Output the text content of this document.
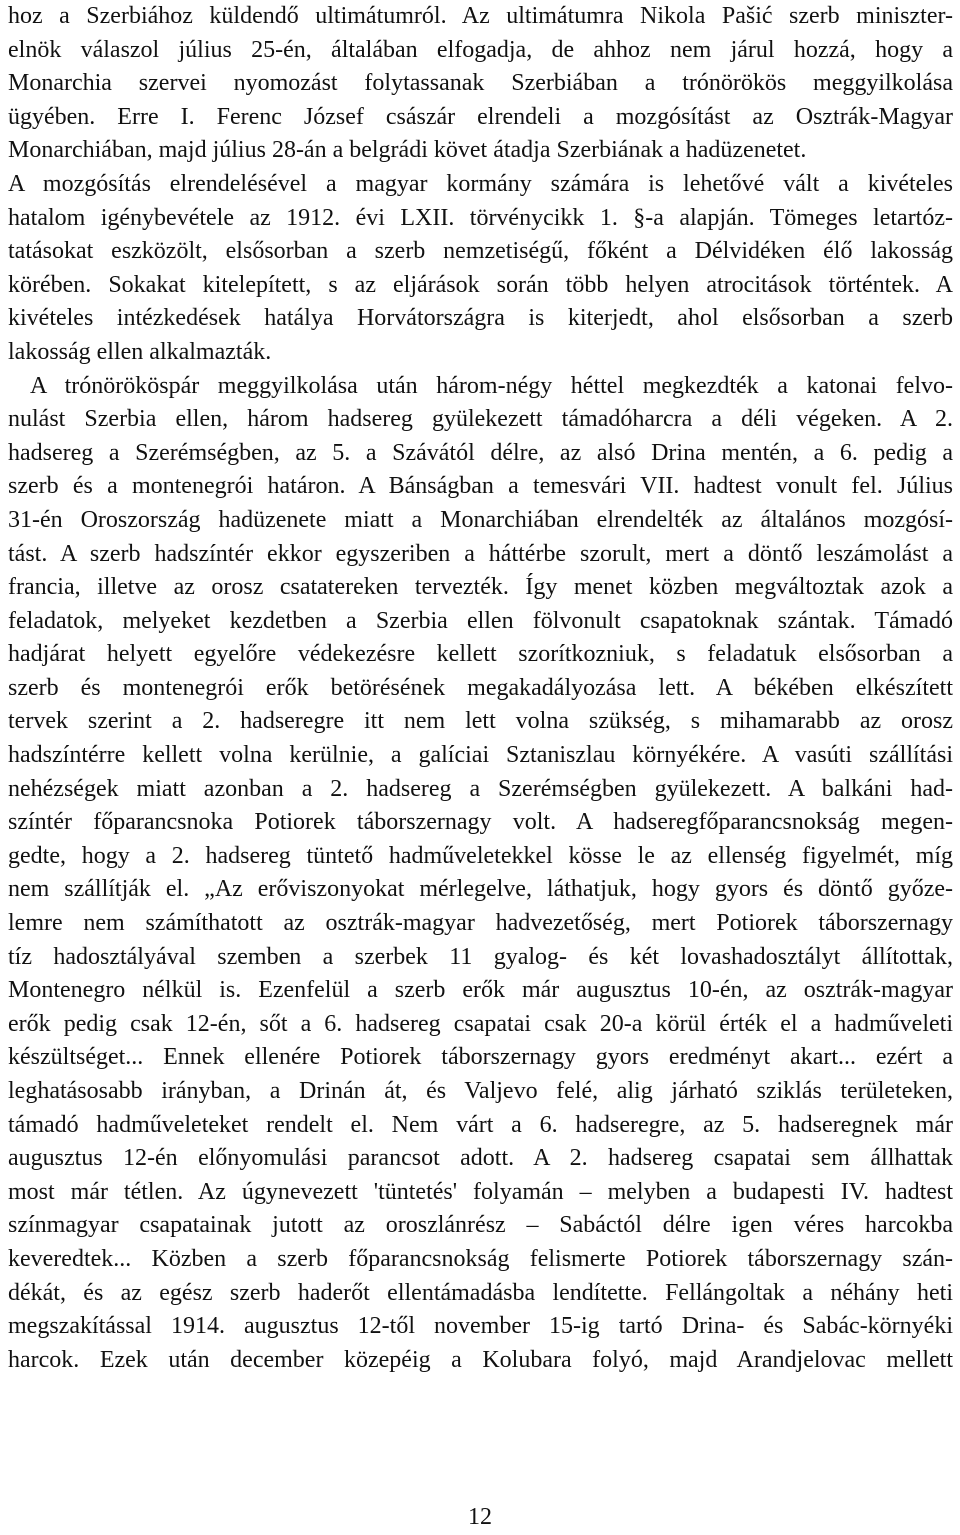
hoz a Szerbiához küldendő ultimátumról. Az ultimátumra Nikola Pašić szerb miniszter-
elnök válaszol július 25-én, általában elfogadja, de ahhoz nem járul hozzá, hogy a
Monarchia szervei nyomozást folytassanak Szerbiában a trónörökös meggyilkolása
ügyében. Erre I. Ferenc József császár elrendeli a mozgósítást az Osztrák-Magyar
Monarchiában, majd július 28-án a belgrádi követ átadja Szerbiának a hadüzenetet.
A mozgósítás elrendelésével a magyar kormány számára is lehetővé vált a kivételes
hatalom igénybevétele az 1912. évi LXII. törvénycikk 1. §-a alapján. Tömeges letartóz-
tatásokat eszközölt, elsősorban a szerb nemzetiségű, főként a Délvidéken élő lakosság
körében. Sokakat kitelepített, s az eljárások során több helyen atrocitások történtek. A
kivételes intézkedések hatálya Horvátországra is kiterjedt, ahol elsősorban a szerb
lakosság ellen alkalmazták.
A trónörököspár meggyilkolása után három-négy héttel megkezdték a katonai felvo-
nulást Szerbia ellen, három hadsereg gyülekezett támadóharcra a déli végeken. A 2.
hadsereg a Szerémségben, az 5. a Szávától délre, az alsó Drina mentén, a 6. pedig a
szerb és a montenegrói határon. A Bánságban a temesvári VII. hadtest vonult fel. Július
31-én Oroszország hadüzenete miatt a Monarchiában elrendelték az általános mozgósí-
tást. A szerb hadszíntér ekkor egyszeriben a háttérbe szorult, mert a döntő leszámolást a
francia, illetve az orosz csatatereken tervezték. Így menet közben megváltoztak azok a
feladatok, melyeket kezdetben a Szerbia ellen fölvonult csapatoknak szántak. Támadó
hadjárat helyett egyelőre védekezésre kellett szorítkozniuk, s feladatuk elsősorban a
szerb és montenegrói erők betörésének megakadályozása lett. A békében elkészített
tervek szerint a 2. hadseregre itt nem lett volna szükség, s mihamarabb az orosz
hadszíntérre kellett volna kerülnie, a galíciai Sztaniszlau környékére. A vasúti szállítási
nehézségek miatt azonban a 2. hadsereg a Szerémségben gyülekezett. A balkáni had-
színtér főparancsnoka Potiorek táborszernagy volt. A hadseregfőparancsnokság megen-
gedte, hogy a 2. hadsereg tüntető hadműveletekkel kösse le az ellenség figyelmét, míg
nem szállítják el. „Az erőviszonyokat mérlegelve, láthatjuk, hogy gyors és döntő győze-
lemre nem számíthatott az osztrák-magyar hadvezetőség, mert Potiorek táborszernagy
tíz hadosztályával szemben a szerbek 11 gyalog- és két lovashadosztályt állítottak,
Montenegro nélkül is. Ezenfelül a szerb erők már augusztus 10-én, az osztrák-magyar
erők pedig csak 12-én, sőt a 6. hadsereg csapatai csak 20-a körül érték el a hadműveleti
készültséget... Ennek ellenére Potiorek táborszernagy gyors eredményt akart... ezért a
leghatásosabb irányban, a Drinán át, és Valjevo felé, alig járható sziklás területeken,
támadó hadműveleteket rendelt el. Nem várt a 6. hadseregre, az 5. hadseregnek már
augusztus 12-én előnyomulási parancsot adott. A 2. hadsereg csapatai sem állhattak
most már tétlen. Az úgynevezett 'tüntetés' folyamán – melyben a budapesti IV. hadtest
színmagyar csapatainak jutott az oroszlánrész – Sabáctól délre igen véres harcokba
keveredtek... Közben a szerb főparancsnokság felismerte Potiorek táborszernagy szán-
dékát, és az egész szerb haderőt ellentámadásba lendítette. Fellángoltak a néhány heti
megszakítással 1914. augusztus 12-től november 15-ig tartó Drina- és Sabác-környéki
harcok. Ezek után december közepéig a Kolubara folyó, majd Arandjelovac mellett
12
